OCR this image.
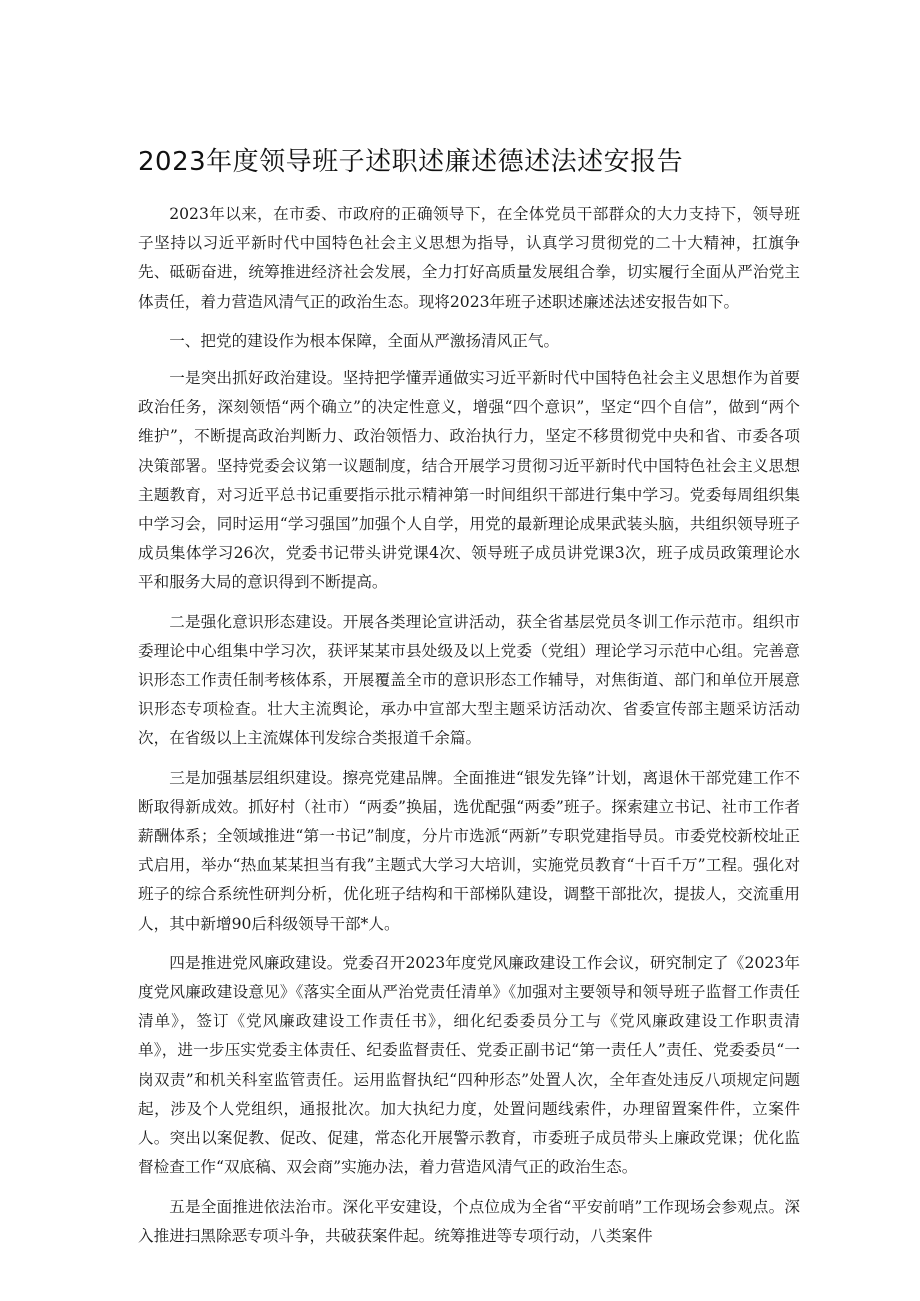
2023年度领导班子述职述廉述德述法述安报告

2023年以来，在市委、市政府的正确领导下，在全体党员干部群众的大力支持下，领导班子坚持以习近平新时代中国特色社会主义思想为指导，认真学习贯彻党的二十大精神，扛旗争先、砥砺奋进，统筹推进经济社会发展，全力打好高质量发展组合拳，切实履行全面从严治党主体责任，着力营造风清气正的政治生态。现将2023年班子述职述廉述法述安报告如下。

一、把党的建设作为根本保障，全面从严激扬清风正气。

一是突出抓好政治建设。坚持把学懂弄通做实习近平新时代中国特色社会主义思想作为首要政治任务，深刻领悟“两个确立”的决定性意义，增强“四个意识”，坚定“四个自信”，做到“两个维护”，不断提高政治判断力、政治领悟力、政治执行力，坚定不移贯彻党中央和省、市委各项决策部署。坚持党委会议第一议题制度，结合开展学习贯彻习近平新时代中国特色社会主义思想主题教育，对习近平总书记重要指示批示精神第一时间组织干部进行集中学习。党委每周组织集中学习会，同时运用“学习强国”加强个人自学，用党的最新理论成果武装头脑，共组织领导班子成员集体学习26次，党委书记带头讲党课4次、领导班子成员讲党课3次，班子成员政策理论水平和服务大局的意识得到不断提高。

二是强化意识形态建设。开展各类理论宣讲活动，获全省基层党员冬训工作示范市。组织市委理论中心组集中学习次，获评某某市县处级及以上党委（党组）理论学习示范中心组。完善意识形态工作责任制考核体系，开展覆盖全市的意识形态工作辅导，对焦街道、部门和单位开展意识形态专项检查。壮大主流舆论，承办中宣部大型主题采访活动次、省委宣传部主题采访活动次，在省级以上主流媒体刊发综合类报道千余篇。

三是加强基层组织建设。擦亮党建品牌。全面推进“银发先锋”计划，离退休干部党建工作不断取得新成效。抓好村（社市）“两委”换届，选优配强“两委”班子。探索建立书记、社市工作者薪酬体系；全领域推进“第一书记”制度，分片市选派“两新”专职党建指导员。市委党校新校址正式启用，举办“热血某某担当有我”主题式大学习大培训，实施党员教育“十百千万”工程。强化对班子的综合系统性研判分析，优化班子结构和干部梯队建设，调整干部批次，提拔人，交流重用人，其中新增90后科级领导干部*人。

四是推进党风廉政建设。党委召开2023年度党风廉政建设工作会议，研究制定了《2023年度党风廉政建设意见》《落实全面从严治党责任清单》《加强对主要领导和领导班子监督工作责任清单》，签订《党风廉政建设工作责任书》，细化纪委委员分工与《党风廉政建设工作职责清单》，进一步压实党委主体责任、纪委监督责任、党委正副书记“第一责任人”责任、党委委员“一岗双责”和机关科室监管责任。运用监督执纪“四种形态”处置人次，全年查处违反八项规定问题起，涉及个人党组织，通报批次。加大执纪力度，处置问题线索件，办理留置案件件，立案件人。突出以案促教、促改、促建，常态化开展警示教育，市委班子成员带头上廉政党课；优化监督检查工作“双底稿、双会商”实施办法，着力营造风清气正的政治生态。

五是全面推进依法治市。深化平安建设，个点位成为全省“平安前哨”工作现场会参观点。深入推进扫黑除恶专项斗争，共破获案件起。统筹推进等专项行动，八类案件
